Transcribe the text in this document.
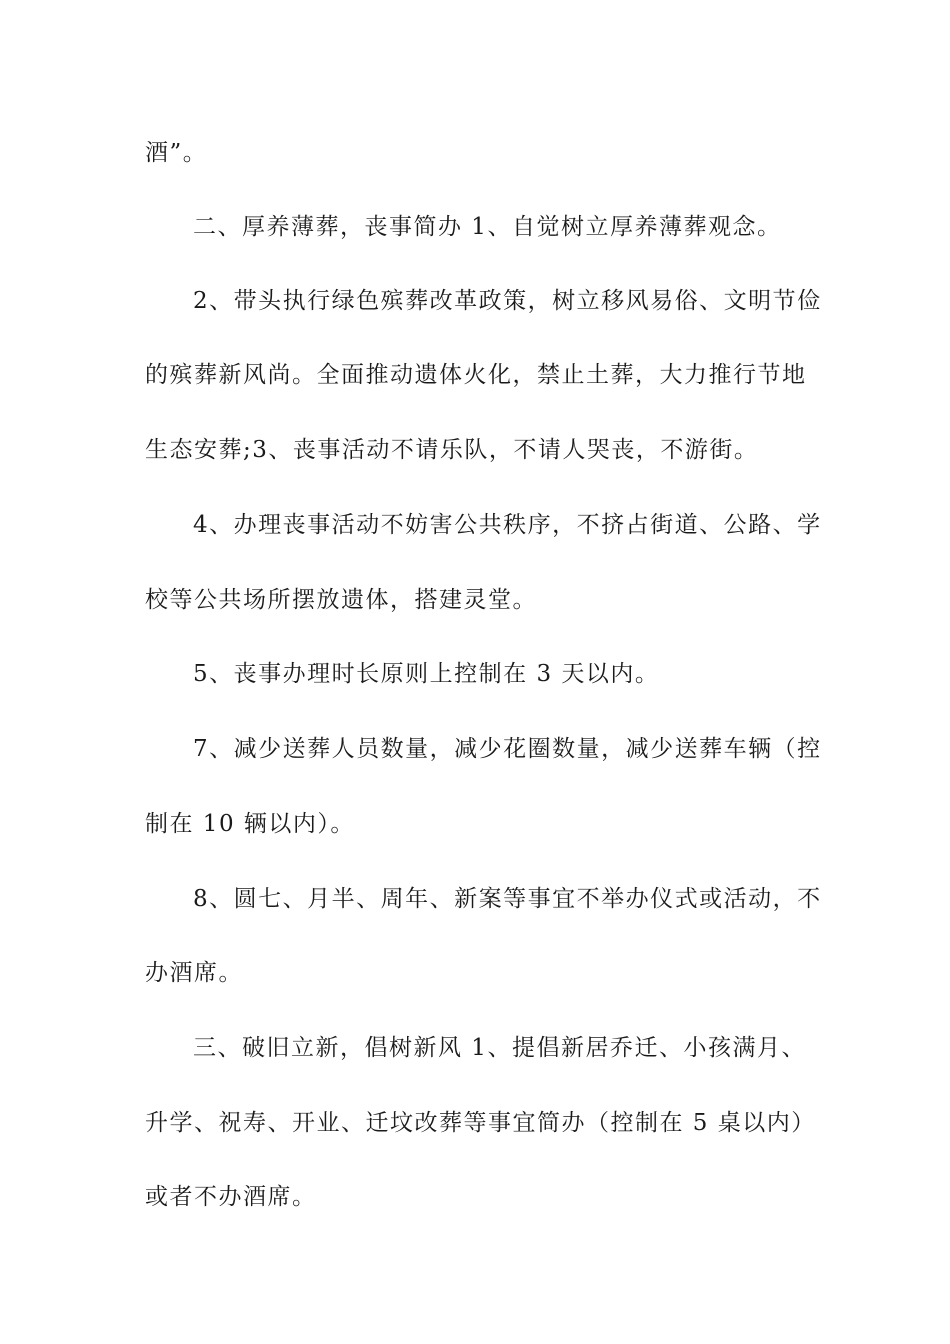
酒”。
二、厚养薄葬，丧事简办 1、自觉树立厚养薄葬观念。
2、带头执行绿色殡葬改革政策，树立移风易俗、文明节俭
的殡葬新风尚。全面推动遗体火化，禁止土葬，大力推行节地
生态安葬;3、丧事活动不请乐队，不请人哭丧，不游街。
4、办理丧事活动不妨害公共秩序，不挤占街道、公路、学
校等公共场所摆放遗体，搭建灵堂。
5、丧事办理时长原则上控制在 3 天以内。
7、减少送葬人员数量，减少花圈数量，减少送葬车辆（控
制在 10 辆以内）。
8、圆七、月半、周年、新案等事宜不举办仪式或活动，不
办酒席。
三、破旧立新，倡树新风 1、提倡新居乔迁、小孩满月、
升学、祝寿、开业、迁坟改葬等事宜简办（控制在 5 桌以内）
或者不办酒席。
